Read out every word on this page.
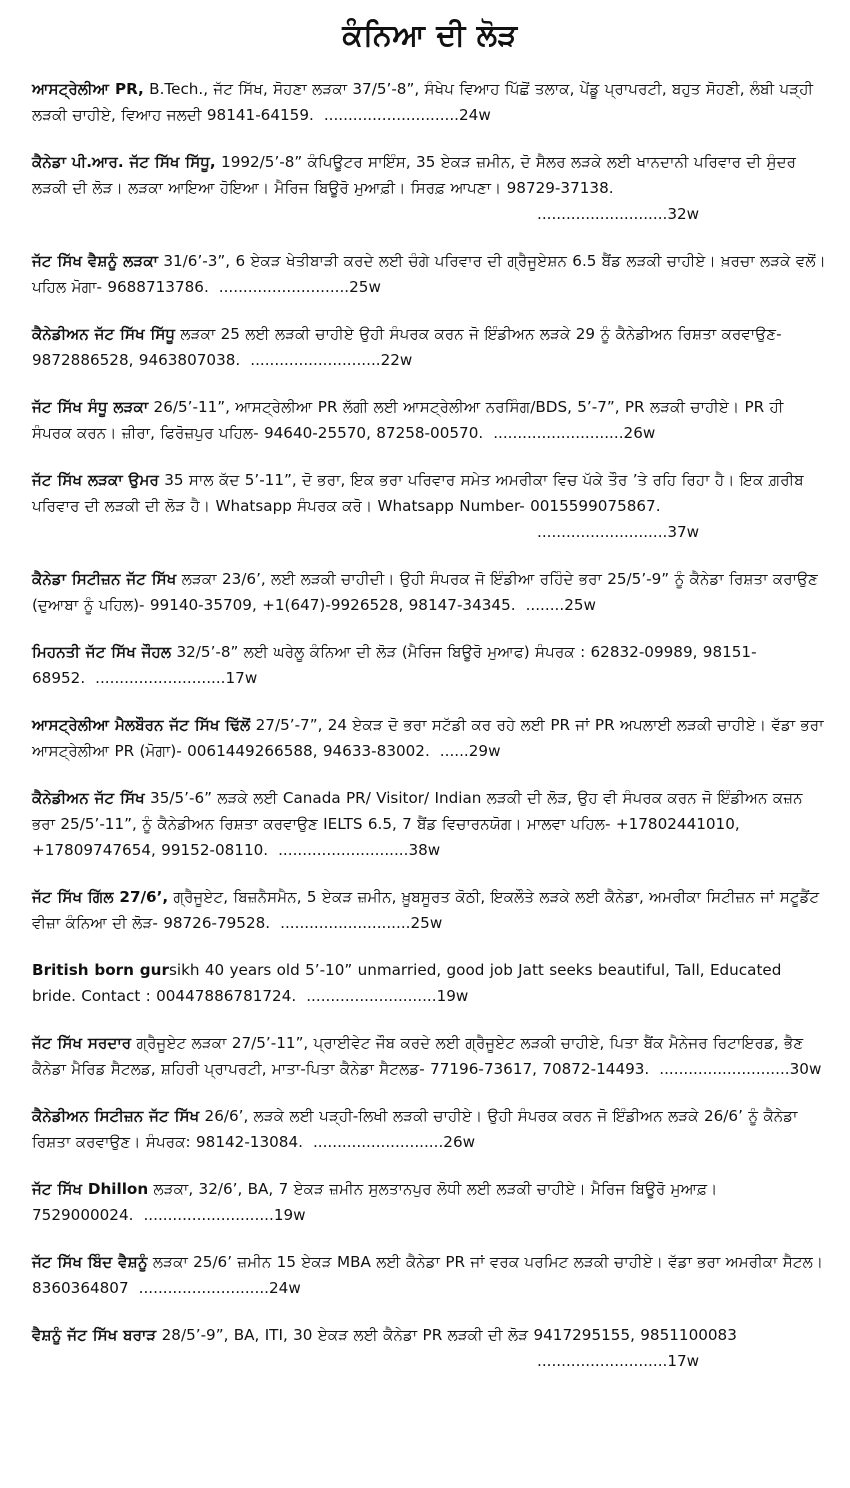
ਕੰਨਿਆ ਦੀ ਲੋੜ
ਆਸਟ੍ਰੇਲੀਆ PR, B.Tech., ਜੱਟ ਸਿੱਖ, ਸੋਹਣਾ ਲੜਕਾ 37/5’-8”, ਸੰਖੇਪ ਵਿਆਹ ਪਿੱਛੋਂ ਤਲਾਕ, ਪੇਂਡੂ ਪ੍ਰਾਪਰਟੀ, ਬਹੁਤ ਸੋਹਣੀ, ਲੰਬੀ ਪੜ੍ਹੀ ਲੜਕੀ ਚਾਹੀਏ, ਵਿਆਹ ਜਲਦੀ 98141-64159. ............................24w
ਕੈਨੇਡਾ ਪੀ.ਆਰ. ਜੱਟ ਸਿੱਖ ਸਿੱਧੂ, 1992/5’-8” ਕੰਪਿਊਟਰ ਸਾਇੰਸ, 35 ਏਕੜ ਜ਼ਮੀਨ, ਦੋ ਸੈਲਰ ਲੜਕੇ ਲਈ ਖਾਨਦਾਨੀ ਪਰਿਵਾਰ ਦੀ ਸੁੰਦਰ ਲੜਕੀ ਦੀ ਲੋੜ। ਲੜਕਾ ਆਇਆ ਹੋਇਆ। ਮੈਰਿਜ ਬਿਊਰੋ ਮੁਆਫ਼ੀ। ਸਿਰਫ਼ ਆਪਣਾ। 98729-37138.
...........................32w
ਜੱਟ ਸਿੱਖ ਵੈਸ਼ਨੂੰ ਲੜਕਾ 31/6’-3”, 6 ਏਕੜ ਖੇਤੀਬਾੜੀ ਕਰਦੇ ਲਈ ਚੰਗੇ ਪਰਿਵਾਰ ਦੀ ਗ੍ਰੈਜੂਏਸ਼ਨ 6.5 ਬੈਂਡ ਲੜਕੀ ਚਾਹੀਏ। ਖ਼ਰਚਾ ਲੜਕੇ ਵਲੋਂ। ਪਹਿਲ ਮੋਗਾ- 9688713786. ...........................25w
ਕੈਨੇਡੀਅਨ ਜੱਟ ਸਿੱਖ ਸਿੱਧੂ ਲੜਕਾ 25 ਲਈ ਲੜਕੀ ਚਾਹੀਏ ਉਹੀ ਸੰਪਰਕ ਕਰਨ ਜੋ ਇੰਡੀਅਨ ਲੜਕੇ 29 ਨੂੰ ਕੈਨੇਡੀਅਨ ਰਿਸ਼ਤਾ ਕਰਵਾਉਣ- 9872886528, 9463807038. ...........................22w
ਜੱਟ ਸਿੱਖ ਸੰਧੂ ਲੜਕਾ 26/5’-11”, ਆਸਟ੍ਰੇਲੀਆ PR ਲੱਗੀ ਲਈ ਆਸਟ੍ਰੇਲੀਆ ਨਰਸਿੰਗ/BDS, 5’-7”, PR ਲੜਕੀ ਚਾਹੀਏ। PR ਹੀ ਸੰਪਰਕ ਕਰਨ। ਜ਼ੀਰਾ, ਫਿਰੋਜ਼ਪੁਰ ਪਹਿਲ- 94640-25570, 87258-00570. ...........................26w
ਜੱਟ ਸਿੱਖ ਲੜਕਾ ਉਮਰ 35 ਸਾਲ ਕੱਦ 5’-11”, ਦੋ ਭਰਾ, ਇਕ ਭਰਾ ਪਰਿਵਾਰ ਸਮੇਤ ਅਮਰੀਕਾ ਵਿਚ ਪੱਕੇ ਤੌਰ ’ਤੇ ਰਹਿ ਰਿਹਾ ਹੈ। ਇਕ ਗ਼ਰੀਬ ਪਰਿਵਾਰ ਦੀ ਲੜਕੀ ਦੀ ਲੋੜ ਹੈ। Whatsapp ਸੰਪਰਕ ਕਰੋ। Whatsapp Number- 0015599075867.
...........................37w
ਕੈਨੇਡਾ ਸਿਟੀਜ਼ਨ ਜੱਟ ਸਿੱਖ ਲੜਕਾ 23/6’, ਲਈ ਲੜਕੀ ਚਾਹੀਦੀ। ਉਹੀ ਸੰਪਰਕ ਜੋ ਇੰਡੀਆ ਰਹਿੰਦੇ ਭਰਾ 25/5’-9” ਨੂੰ ਕੈਨੇਡਾ ਰਿਸ਼ਤਾ ਕਰਾਉਣ (ਦੁਆਬਾ ਨੂੰ ਪਹਿਲ)- 99140-35709, +1(647)-9926528, 98147-34345. ........25w
ਮਿਹਨਤੀ ਜੱਟ ਸਿੱਖ ਜੌਹਲ 32/5’-8” ਲਈ ਘਰੇਲੂ ਕੰਨਿਆ ਦੀ ਲੋੜ (ਮੈਰਿਜ ਬਿਊਰੋ ਮੁਆਫ) ਸੰਪਰਕ : 62832-09989, 98151-68952. ...........................17w
ਆਸਟ੍ਰੇਲੀਆ ਮੈਲਬੌਰਨ ਜੱਟ ਸਿੱਖ ਢਿੱਲੋਂ 27/5’-7”, 24 ਏਕੜ ਦੋ ਭਰਾ ਸਟੱਡੀ ਕਰ ਰਹੇ ਲਈ PR ਜਾਂ PR ਅਪਲਾਈ ਲੜਕੀ ਚਾਹੀਏ। ਵੱਡਾ ਭਰਾ ਆਸਟ੍ਰੇਲੀਆ PR (ਮੋਗਾ)- 0061449266588, 94633-83002. ......29w
ਕੈਨੇਡੀਅਨ ਜੱਟ ਸਿੱਖ 35/5’-6” ਲੜਕੇ ਲਈ Canada PR/ Visitor/ Indian ਲੜਕੀ ਦੀ ਲੋੜ, ਉਹ ਵੀ ਸੰਪਰਕ ਕਰਨ ਜੋ ਇੰਡੀਅਨ ਕਜ਼ਨ ਭਰਾ 25/5’-11”, ਨੂੰ ਕੈਨੇਡੀਅਨ ਰਿਸ਼ਤਾ ਕਰਵਾਉਣ IELTS 6.5, 7 ਬੈਂਡ ਵਿਚਾਰਨਯੋਗ। ਮਾਲਵਾ ਪਹਿਲ- +17802441010, +17809747654, 99152-08110. ...........................38w
ਜੱਟ ਸਿੱਖ ਗਿੱਲ 27/6’, ਗ੍ਰੈਜੂਏਟ, ਬਿਜ਼ਨੈਸਮੈਨ, 5 ਏਕੜ ਜ਼ਮੀਨ, ਖ਼ੂਬਸੂਰਤ ਕੋਠੀ, ਇਕਲੌਤੇ ਲੜਕੇ ਲਈ ਕੈਨੇਡਾ, ਅਮਰੀਕਾ ਸਿਟੀਜ਼ਨ ਜਾਂ ਸਟੂਡੈਂਟ ਵੀਜ਼ਾ ਕੰਨਿਆ ਦੀ ਲੋੜ- 98726-79528. ...........................25w
British born gursikh 40 years old 5’-10” unmarried, good job Jatt seeks beautiful, Tall, Educated bride. Contact : 00447886781724. ...........................19w
ਜੱਟ ਸਿੱਖ ਸਰਦਾਰ ਗ੍ਰੈਜੂਏਟ ਲੜਕਾ 27/5’-11”, ਪ੍ਰਾਈਵੇਟ ਜੌਬ ਕਰਦੇ ਲਈ ਗ੍ਰੈਜੂਏਟ ਲੜਕੀ ਚਾਹੀਏ, ਪਿਤਾ ਬੈਂਕ ਮੈਨੇਜਰ ਰਿਟਾਇਰਡ, ਭੈਣ ਕੈਨੇਡਾ ਮੈਰਿਡ ਸੈਟਲਡ, ਸ਼ਹਿਰੀ ਪ੍ਰਾਪਰਟੀ, ਮਾਤਾ-ਪਿਤਾ ਕੈਨੇਡਾ ਸੈਟਲਡ- 77196-73617, 70872-14493. ...........................30w
ਕੈਨੇਡੀਅਨ ਸਿਟੀਜ਼ਨ ਜੱਟ ਸਿੱਖ 26/6’, ਲੜਕੇ ਲਈ ਪੜ੍ਹੀ-ਲਿਖੀ ਲੜਕੀ ਚਾਹੀਏ। ਉਹੀ ਸੰਪਰਕ ਕਰਨ ਜੋ ਇੰਡੀਅਨ ਲੜਕੇ 26/6’ ਨੂੰ ਕੈਨੇਡਾ ਰਿਸ਼ਤਾ ਕਰਵਾਉਣ। ਸੰਪਰਕ: 98142-13084. ...........................26w
ਜੱਟ ਸਿੱਖ Dhillon ਲੜਕਾ, 32/6’, BA, 7 ਏਕੜ ਜ਼ਮੀਨ ਸੁਲਤਾਨਪੁਰ ਲੋਧੀ ਲਈ ਲੜਕੀ ਚਾਹੀਏ। ਮੈਰਿਜ ਬਿਊਰੋ ਮੁਆਫ਼। 7529000024. ...........................19w
ਜੱਟ ਸਿੱਖ ਬਿੰਦ ਵੈਸ਼ਨੂੰ ਲੜਕਾ 25/6’ ਜ਼ਮੀਨ 15 ਏਕੜ MBA ਲਈ ਕੈਨੇਡਾ PR ਜਾਂ ਵਰਕ ਪਰਮਿਟ ਲੜਕੀ ਚਾਹੀਏ। ਵੱਡਾ ਭਰਾ ਅਮਰੀਕਾ ਸੈਟਲ। 8360364807 ...........................24w
ਵੈਸ਼ਨੂੰ ਜੱਟ ਸਿੱਖ ਬਰਾੜ 28/5’-9”, BA, ITI, 30 ਏਕੜ ਲਈ ਕੈਨੇਡਾ PR ਲੜਕੀ ਦੀ ਲੋੜ 9417295155, 9851100083
...........................17w
